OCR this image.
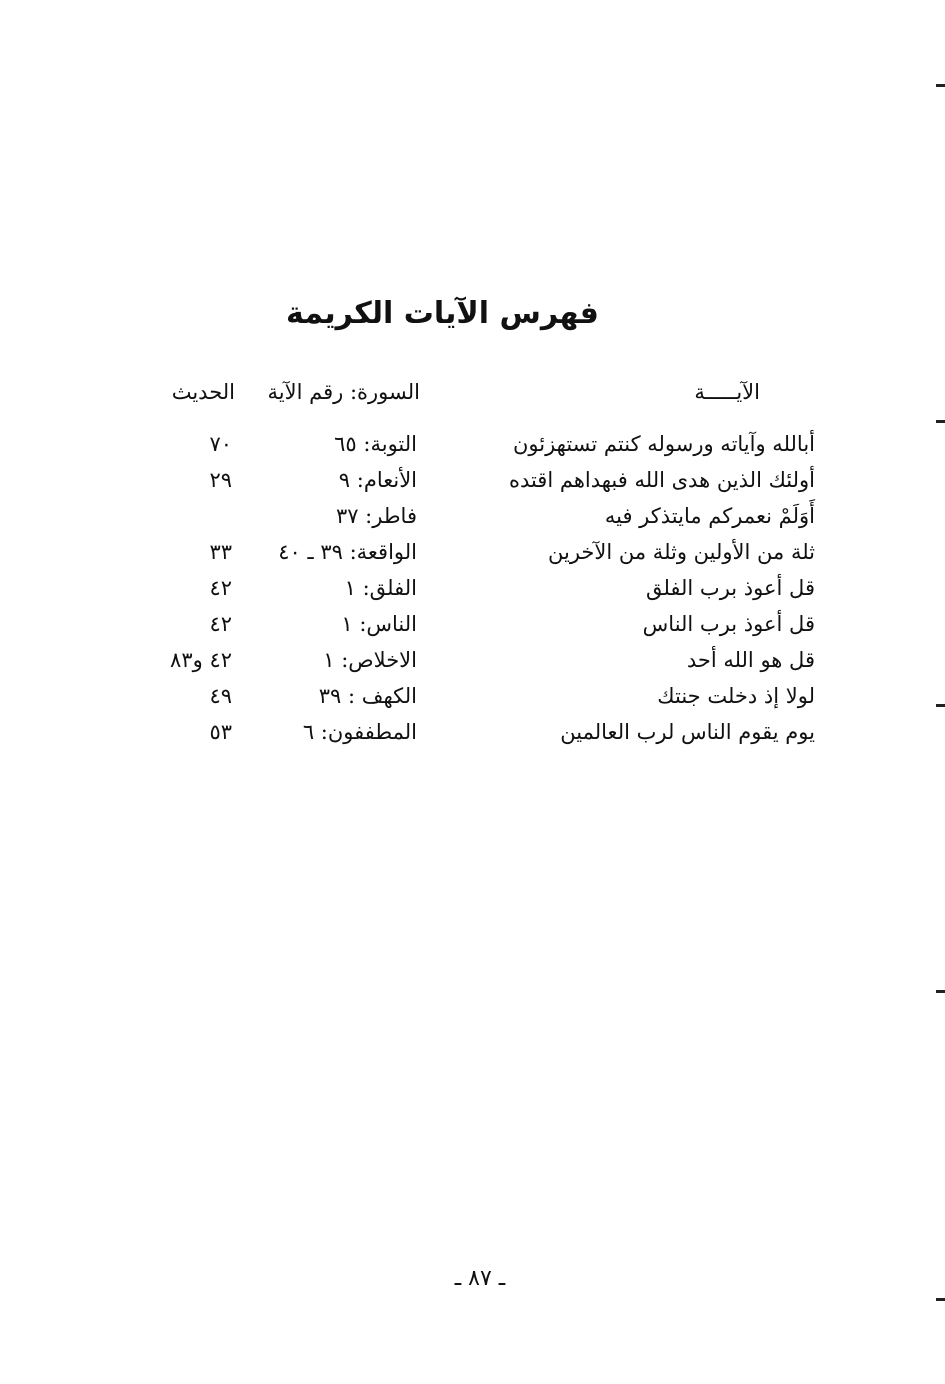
فهرس الآيات الكريمة
الآيـــــة
السورة: رقم الآية
الحديث
أبالله وآياته ورسوله كنتم تستهزئون
التوبة: ٦٥
٧٠
أولئك الذين هدى الله فبهداهم اقتده
الأنعام: ٩
٢٩
أَوَلَمْ نعمركم مايتذكر فيه
فاطر: ٣٧
ثلة من الأولين وثلة من الآخرين
الواقعة: ٣٩ ـ ٤٠
٣٣
قل أعوذ برب الفلق
الفلق: ١
٤٢
قل أعوذ برب الناس
الناس: ١
٤٢
قل هو الله أحد
الاخلاص: ١
٤٢ و٨٣
لولا إذ دخلت جنتك
الكهف : ٣٩
٤٩
يوم يقوم الناس لرب العالمين
المطففون: ٦
٥٣
ـ ٨٧ ـ
